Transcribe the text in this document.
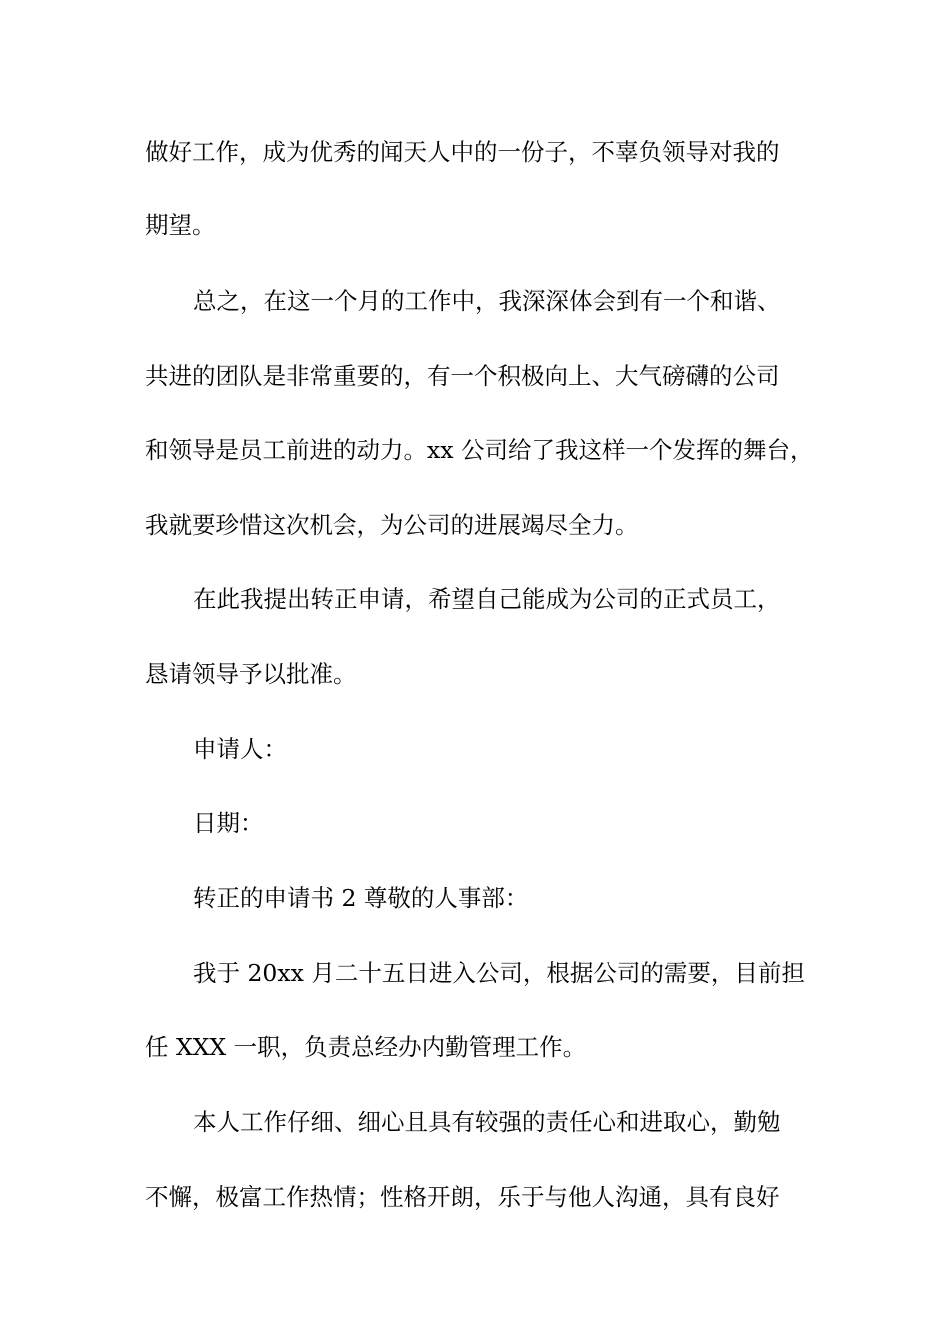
做好工作，成为优秀的闻天人中的一份子，不辜负领导对我的
期望。
总之，在这一个月的工作中，我深深体会到有一个和谐、
共进的团队是非常重要的，有一个积极向上、大气磅礴的公司
和领导是员工前进的动力。xx 公司给了我这样一个发挥的舞台，
我就要珍惜这次机会，为公司的进展竭尽全力。
在此我提出转正申请，希望自己能成为公司的正式员工，
恳请领导予以批准。
申请人：
日期：
转正的申请书 2 尊敬的人事部：
我于 20xx 月二十五日进入公司，根据公司的需要，目前担
任 XXX 一职，负责总经办内勤管理工作。
本人工作仔细、细心且具有较强的责任心和进取心，勤勉
不懈，极富工作热情；性格开朗，乐于与他人沟通，具有良好
